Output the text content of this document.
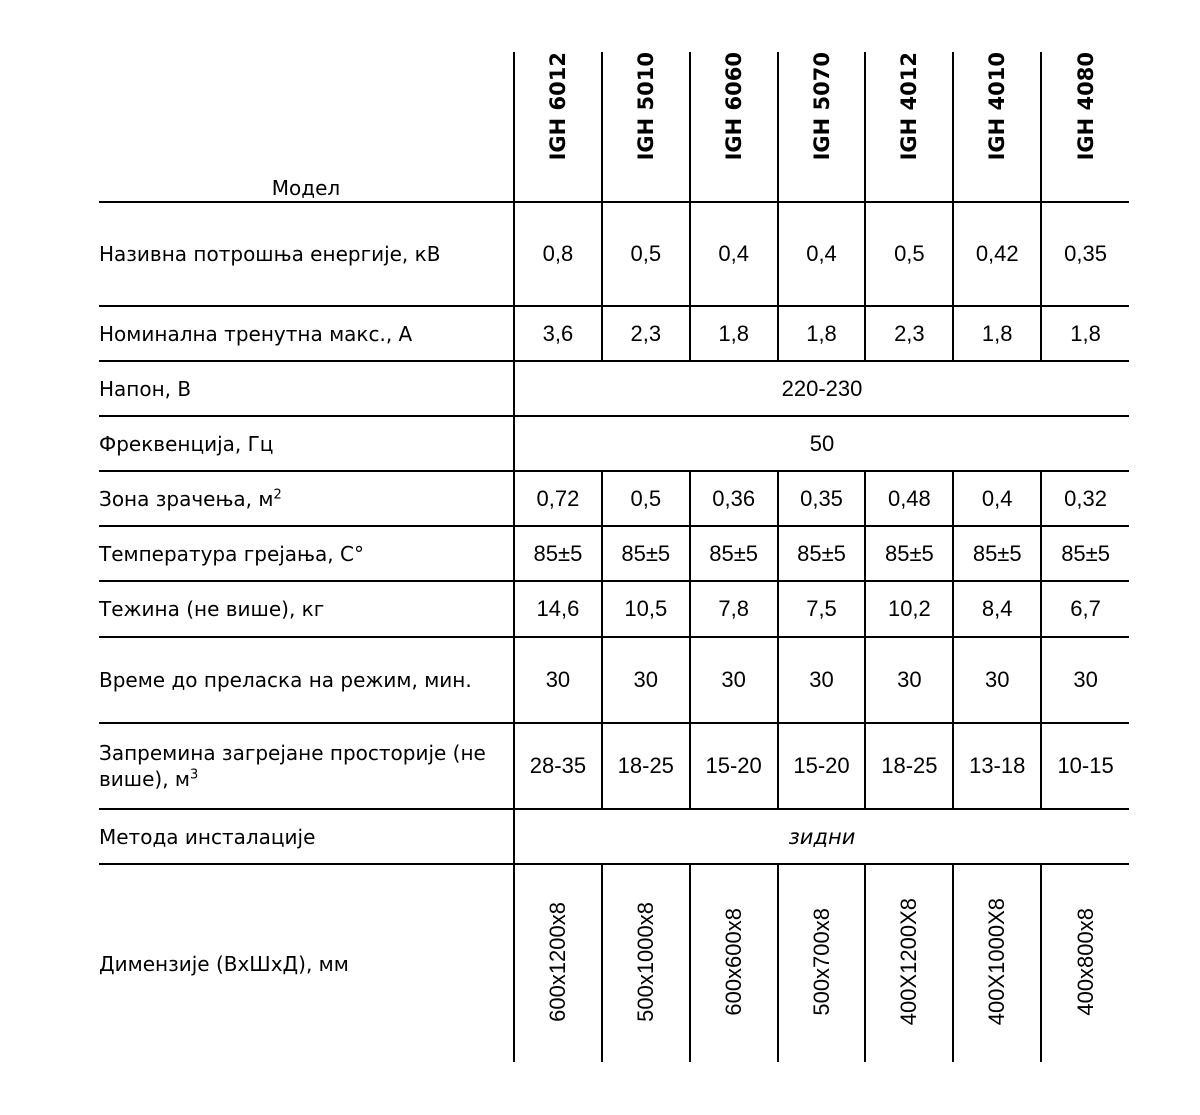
Модел	IGH 6012	IGH 5010	IGH 6060	IGH 5070	IGH 4012	IGH 4010	IGH 4080
Називна потрошња енергије, кВ	0,8	0,5	0,4	0,4	0,5	0,42	0,35
Номинална тренутна макс., А	3,6	2,3	1,8	1,8	2,3	1,8	1,8
Напон, В	220-230						
Фреквенција, Гц	50						
Зона зрачења, $м^2$	0,72	0,5	0,36	0,35	0,48	0,4	0,32
Температура грејања, C°	85±5	85±5	85±5	85±5	85±5	85±5	85±5
Тежина (не више), кг	14,6	10,5	7,8	7,5	10,2	8,4	6,7
Време до преласка на режим, мин.	30	30	30	30	30	30	30
Запремина загрејане просторије (не више), $м^3$	28-35	18-25	15-20	15-20	18-25	13-18	10-15
Метода инсталације	зидни						
Димензије (ВхШхД), мм	600x1200x8	500x1000x8	600x600x8	500x700x8	400X1200X8	400X1000X8	400x800x8
